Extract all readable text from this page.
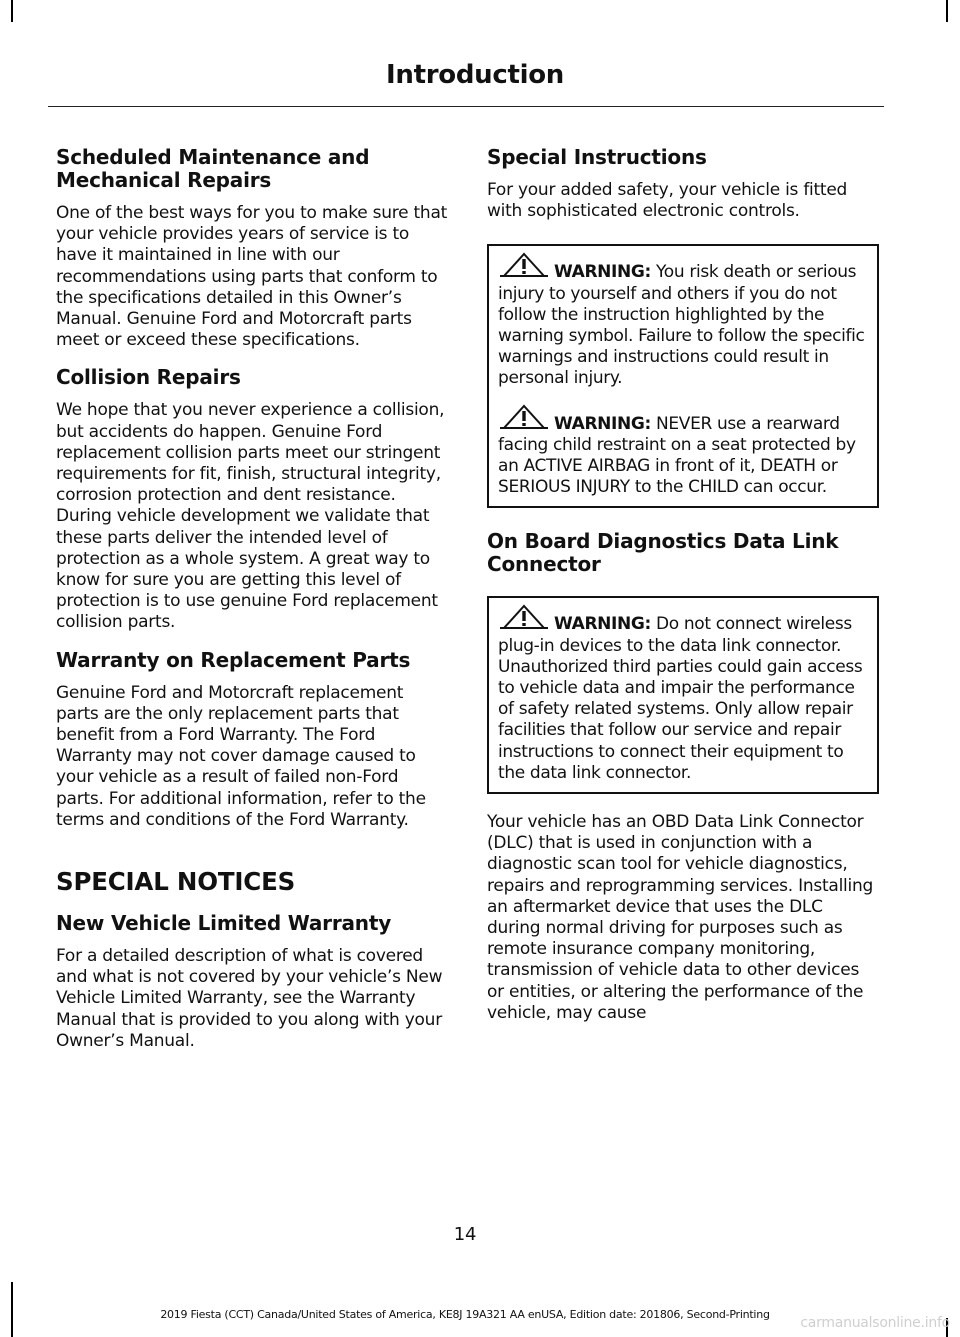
Introduction
Scheduled Maintenance and Mechanical Repairs

One of the best ways for you to make sure that your vehicle provides years of service is to have it maintained in line with our recommendations using parts that conform to the specifications detailed in this Owner’s Manual. Genuine Ford and Motorcraft parts meet or exceed these specifications.

Collision Repairs

We hope that you never experience a collision, but accidents do happen. Genuine Ford replacement collision parts meet our stringent requirements for fit, finish, structural integrity, corrosion protection and dent resistance. During vehicle development we validate that these parts deliver the intended level of protection as a whole system. A great way to know for sure you are getting this level of protection is to use genuine Ford replacement collision parts.

Warranty on Replacement Parts

Genuine Ford and Motorcraft replacement parts are the only replacement parts that benefit from a Ford Warranty. The Ford Warranty may not cover damage caused to your vehicle as a result of failed non-Ford parts. For additional information, refer to the terms and conditions of the Ford Warranty.

SPECIAL NOTICES
New Vehicle Limited Warranty

For a detailed description of what is covered and what is not covered by your vehicle’s New Vehicle Limited Warranty, see the Warranty Manual that is provided to you along with your Owner’s Manual.

Special Instructions

For your added safety, your vehicle is fitted with sophisticated electronic controls.

WARNING: You risk death or serious injury to yourself and others if you do not follow the instruction highlighted by the warning symbol. Failure to follow the specific warnings and instructions could result in personal injury.

WARNING: NEVER use a rearward facing child restraint on a seat protected by an ACTIVE AIRBAG in front of it, DEATH or SERIOUS INJURY to the CHILD can occur.

On Board Diagnostics Data Link Connector

WARNING: Do not connect wireless plug-in devices to the data link connector. Unauthorized third parties could gain access to vehicle data and impair the performance of safety related systems. Only allow repair facilities that follow our service and repair instructions to connect their equipment to the data link connector.

Your vehicle has an OBD Data Link Connector (DLC) that is used in conjunction with a diagnostic scan tool for vehicle diagnostics, repairs and reprogramming services. Installing an aftermarket device that uses the DLC during normal driving for purposes such as remote insurance company monitoring, transmission of vehicle data to other devices or entities, or altering the performance of the vehicle, may cause

14

2019 Fiesta (CCT) Canada/United States of America, KE8J 19A321 AA enUSA, Edition date: 201806, Second-Printing

carmanualsonline.info
